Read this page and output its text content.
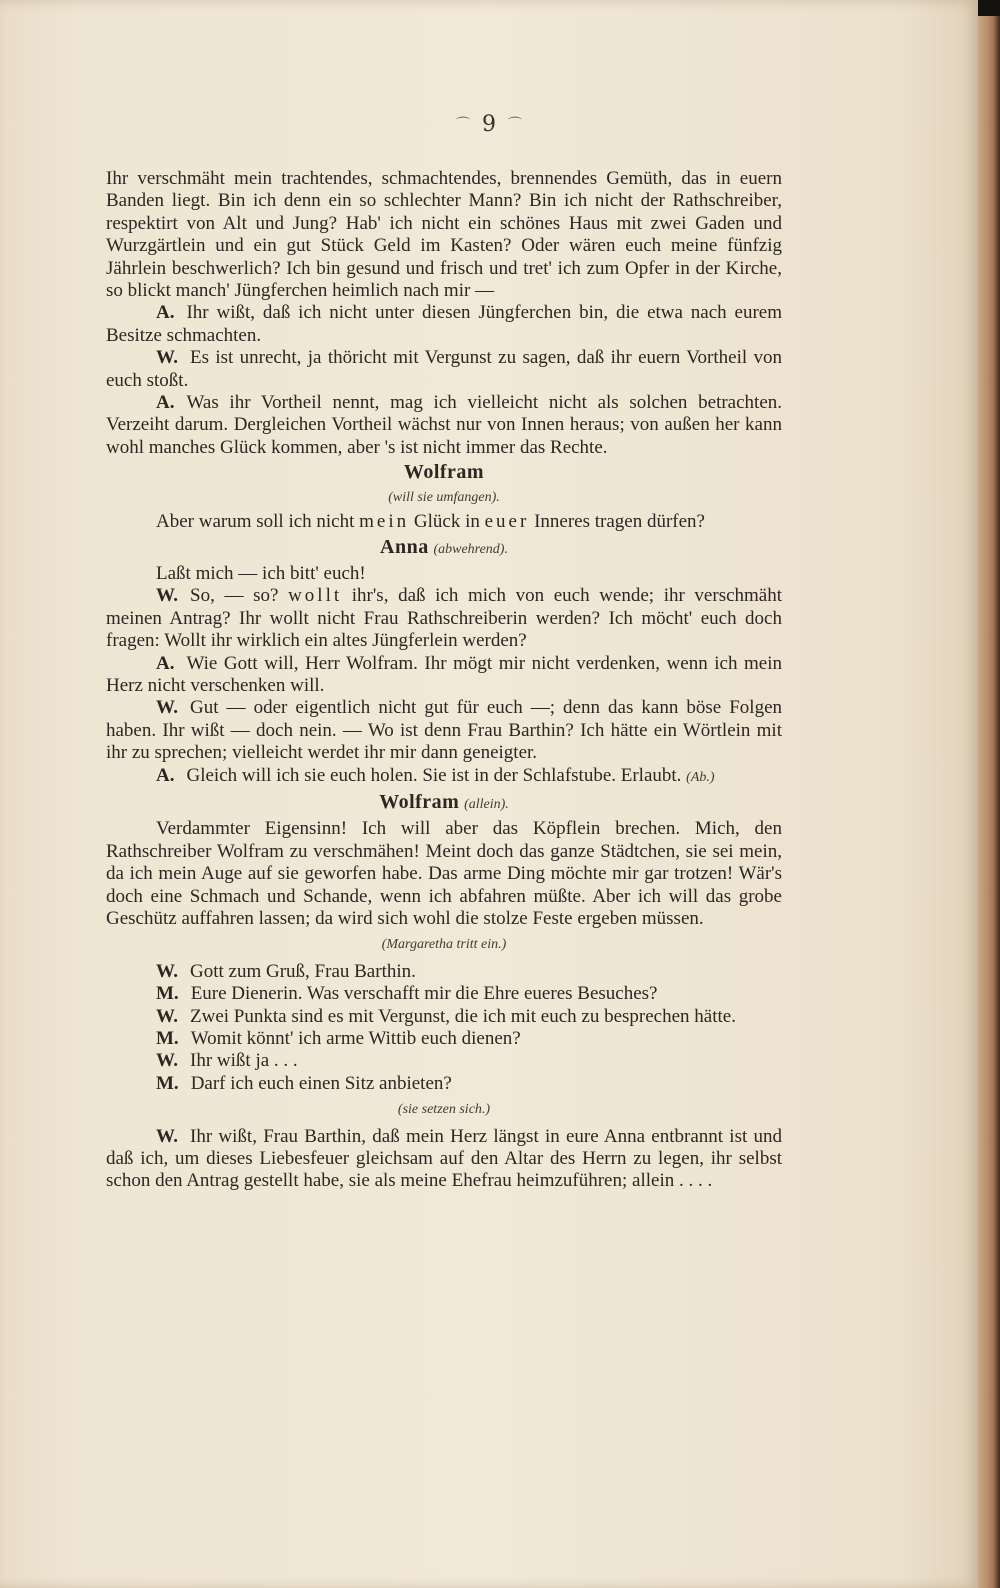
⌒ 9 ⌒

Ihr verschmäht mein trachtendes, schmachtendes, brennendes Gemüth, das in euern Banden liegt. Bin ich denn ein so schlechter Mann? Bin ich nicht der Rathschreiber, respektirt von Alt und Jung? Hab' ich nicht ein schönes Haus mit zwei Gaden und Wurzgärtlein und ein gut Stück Geld im Kasten? Oder wären euch meine fünfzig Jährlein beschwerlich? Ich bin gesund und frisch und tret' ich zum Opfer in der Kirche, so blickt manch' Jüngferchen heimlich nach mir —

A. Ihr wißt, daß ich nicht unter diesen Jüngferchen bin, die etwa nach eurem Besitze schmachten.

W. Es ist unrecht, ja thöricht mit Vergunst zu sagen, daß ihr euern Vortheil von euch stoßt.

A. Was ihr Vortheil nennt, mag ich vielleicht nicht als solchen betrachten. Verzeiht darum. Dergleichen Vortheil wächst nur von Innen heraus; von außen her kann wohl manches Glück kommen, aber 's ist nicht immer das Rechte.

Wolfram
(will sie umfangen).

Aber warum soll ich nicht mein Glück in euer Inneres tragen dürfen?

Anna (abwehrend).

Laßt mich — ich bitt' euch!

W. So, — so? wollt ihr's, daß ich mich von euch wende; ihr verschmäht meinen Antrag? Ihr wollt nicht Frau Rathschreiberin werden? Ich möcht' euch doch fragen: Wollt ihr wirklich ein altes Jüngferlein werden?

A. Wie Gott will, Herr Wolfram. Ihr mögt mir nicht verdenken, wenn ich mein Herz nicht verschenken will.

W. Gut — oder eigentlich nicht gut für euch —; denn das kann böse Folgen haben. Ihr wißt — doch nein. — Wo ist denn Frau Barthin? Ich hätte ein Wörtlein mit ihr zu sprechen; vielleicht werdet ihr mir dann geneigter.

A. Gleich will ich sie euch holen. Sie ist in der Schlafstube. Erlaubt. (Ab.)

Wolfram (allein).

Verdammter Eigensinn! Ich will aber das Köpflein brechen. Mich, den Rathschreiber Wolfram zu verschmähen! Meint doch das ganze Städtchen, sie sei mein, da ich mein Auge auf sie geworfen habe. Das arme Ding möchte mir gar trotzen! Wär's doch eine Schmach und Schande, wenn ich abfahren müßte. Aber ich will das grobe Geschütz auffahren lassen; da wird sich wohl die stolze Feste ergeben müssen.

(Margaretha tritt ein.)

W. Gott zum Gruß, Frau Barthin.

M. Eure Dienerin. Was verschafft mir die Ehre eueres Besuches?

W. Zwei Punkta sind es mit Vergunst, die ich mit euch zu besprechen hätte.

M. Womit könnt' ich arme Wittib euch dienen?

W. Ihr wißt ja . . .

M. Darf ich euch einen Sitz anbieten?

(sie setzen sich.)

W. Ihr wißt, Frau Barthin, daß mein Herz längst in eure Anna entbrannt ist und daß ich, um dieses Liebesfeuer gleichsam auf den Altar des Herrn zu legen, ihr selbst schon den Antrag gestellt habe, sie als meine Ehefrau heimzuführen; allein . . . .
